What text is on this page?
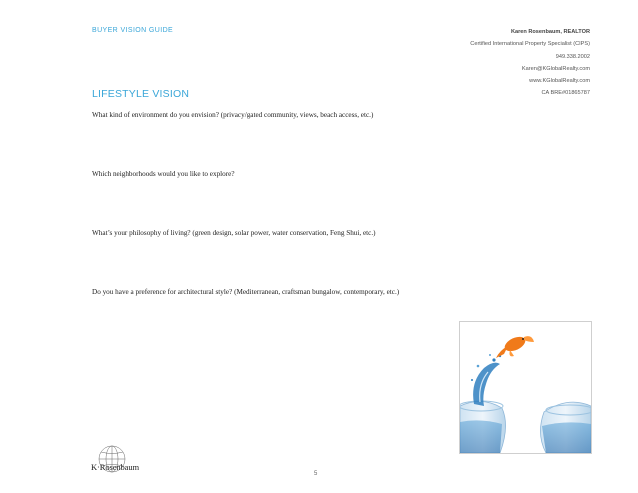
BUYER VISION GUIDE	Karen Rosenbaum, REALTOR
Certified International Property Specialist (CIPS)
949.338.2002
Karen@KGlobalRealty.com
www.KGlobalRealty.com
CA BRE#01865787
LIFESTYLE VISION
What kind of environment do you envision? (privacy/gated community, views, beach access, etc.)
Which neighborhoods would you like to explore?
What’s your philosophy of living? (green design, solar power, water conservation, Feng Shui, etc.)
Do you have a preference for architectural style? (Mediterranean, craftsman bungalow, contemporary, etc.)
K·Rosenbaum
5
